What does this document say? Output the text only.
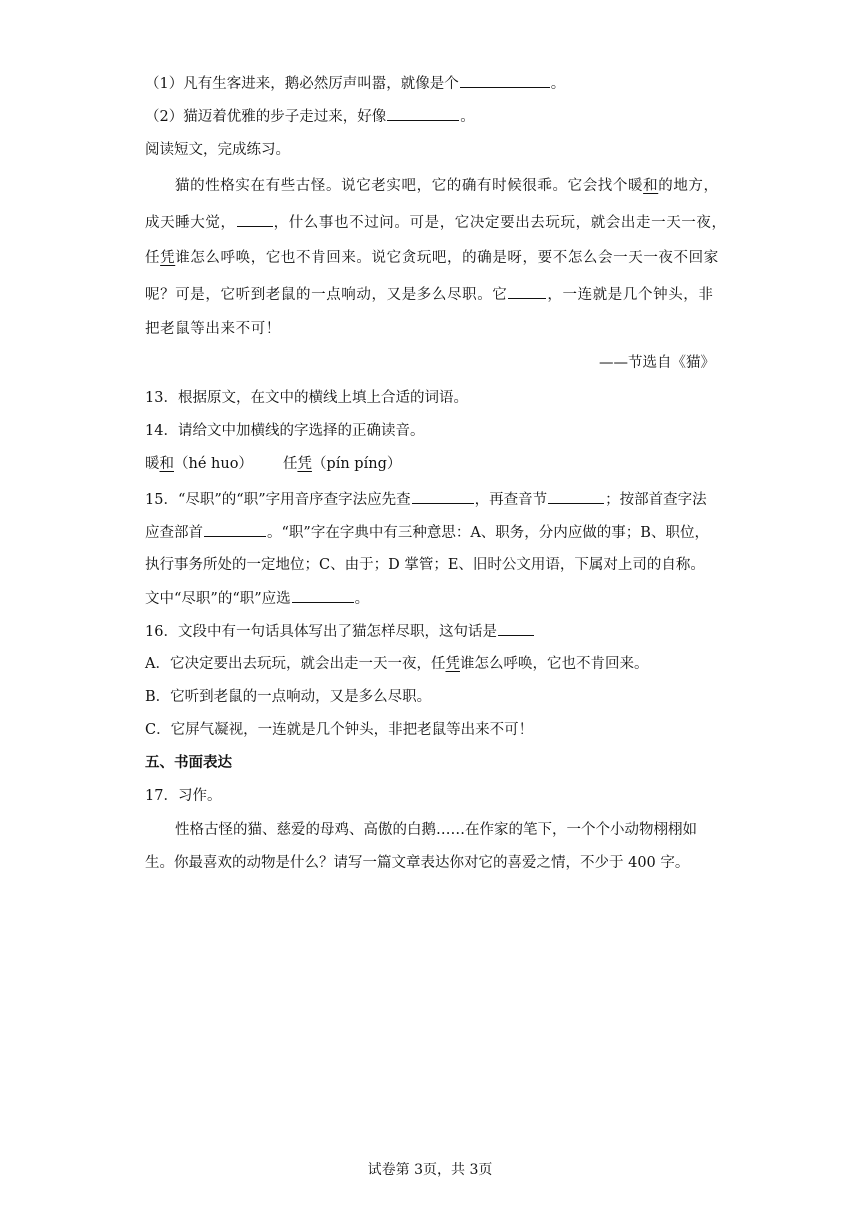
（1）凡有生客进来，鹅必然厉声叫嚣，就像是个	。
（2）猫迈着优雅的步子走过来，好像	。
阅读短文，完成练习。
猫的性格实在有些古怪。说它老实吧，它的确有时候很乖。它会找个暖和的地方，
成天睡大觉，	，什么事也不过问。可是，它决定要出去玩玩，就会出走一天一夜，
任凭谁怎么呼唤，它也不肯回来。说它贪玩吧，的确是呀，要不怎么会一天一夜不回家
呢？可是，它听到老鼠的一点响动，又是多么尽职。它	，一连就是几个钟头，非
把老鼠等出来不可！
——节选自《猫》
13．根据原文，在文中的横线上填上合适的词语。
14．请给文中加横线的字选择的正确读音。
暖和（hé huo） 任凭（pín píng）
15．“尽职”的“职”字用音序查字法应先查	，再查音节	；按部首查字法
应查部首	。“职”字在字典中有三种意思：A、职务，分内应做的事；B、职位，
执行事务所处的一定地位；C、由于；D 掌管；E、旧时公文用语，下属对上司的自称。
文中“尽职”的“职”应选	。
16．文段中有一句话具体写出了猫怎样尽职，这句话是
A．它决定要出去玩玩，就会出走一天一夜，任凭谁怎么呼唤，它也不肯回来。
B．它听到老鼠的一点响动，又是多么尽职。
C．它屏气凝视，一连就是几个钟头，非把老鼠等出来不可！
五、书面表达
17．习作。
性格古怪的猫、慈爱的母鸡、高傲的白鹅……在作家的笔下，一个个小动物栩栩如
生。你最喜欢的动物是什么？请写一篇文章表达你对它的喜爱之情，不少于 400 字。
试卷第 3页，共 3页
